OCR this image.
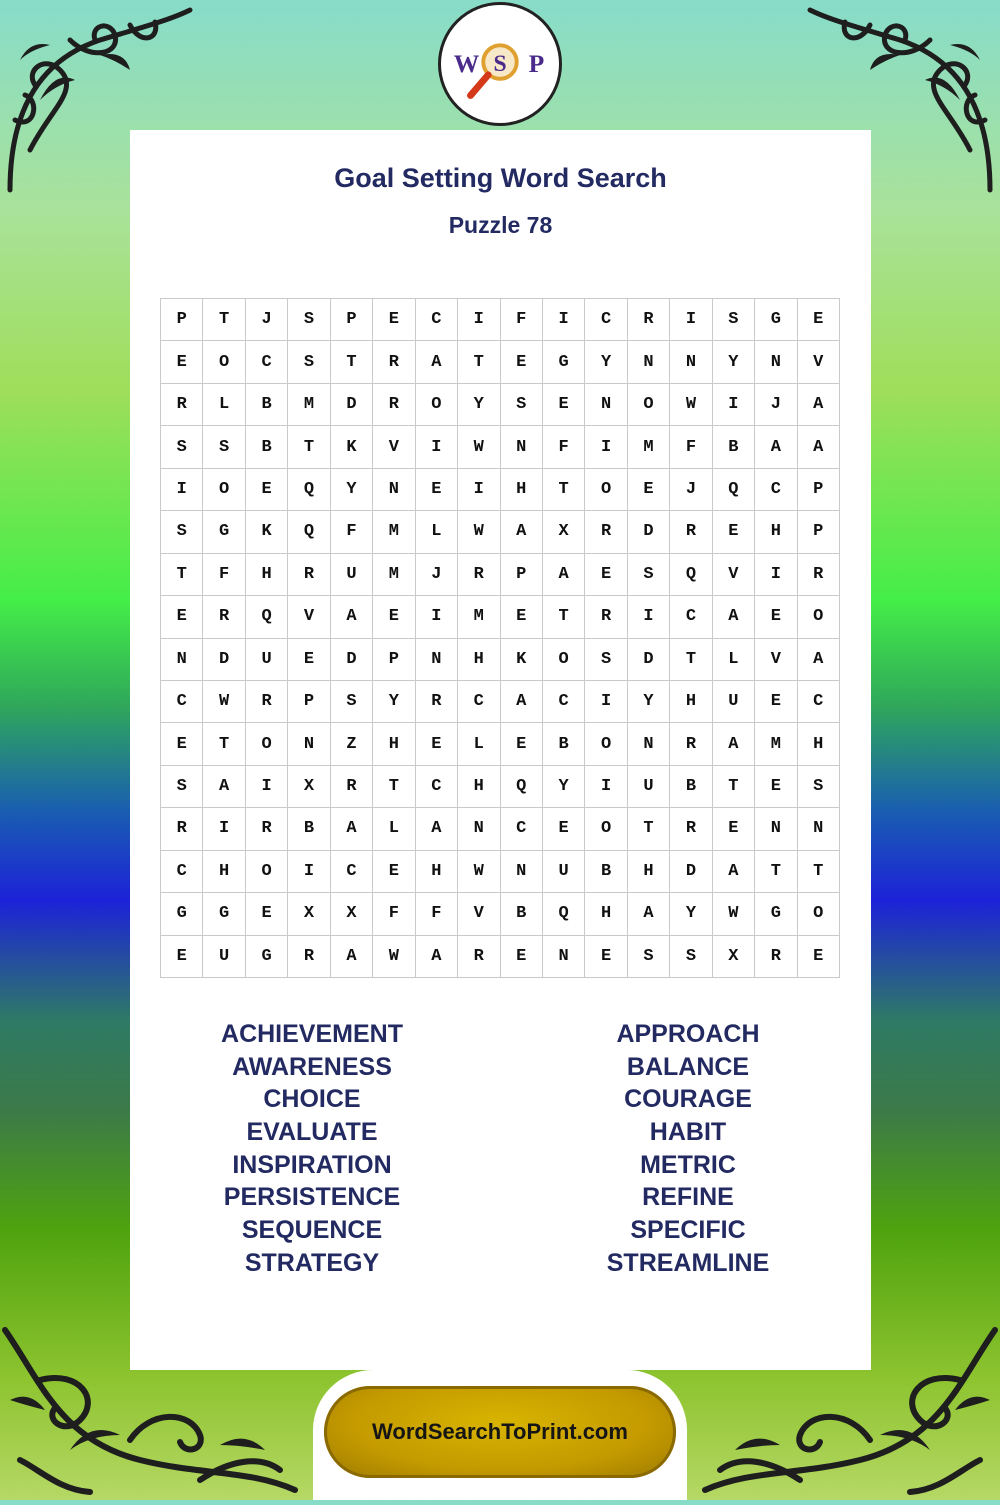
W S P
Goal Setting Word Search
Puzzle 78
P	T	J	S	P	E	C	I	F	I	C	R	I	S	G	E
E	O	C	S	T	R	A	T	E	G	Y	N	N	Y	N	V
R	L	B	M	D	R	O	Y	S	E	N	O	W	I	J	A
S	S	B	T	K	V	I	W	N	F	I	M	F	B	A	A
I	O	E	Q	Y	N	E	I	H	T	O	E	J	Q	C	P
S	G	K	Q	F	M	L	W	A	X	R	D	R	E	H	P
T	F	H	R	U	M	J	R	P	A	E	S	Q	V	I	R
E	R	Q	V	A	E	I	M	E	T	R	I	C	A	E	O
N	D	U	E	D	P	N	H	K	O	S	D	T	L	V	A
C	W	R	P	S	Y	R	C	A	C	I	Y	H	U	E	C
E	T	O	N	Z	H	E	L	E	B	O	N	R	A	M	H
S	A	I	X	R	T	C	H	Q	Y	I	U	B	T	E	S
R	I	R	B	A	L	A	N	C	E	O	T	R	E	N	N
C	H	O	I	C	E	H	W	N	U	B	H	D	A	T	T
G	G	E	X	X	F	F	V	B	Q	H	A	Y	W	G	O
E	U	G	R	A	W	A	R	E	N	E	S	S	X	R	E
ACHIEVEMENT
AWARENESS
CHOICE
EVALUATE
INSPIRATION
PERSISTENCE
SEQUENCE
STRATEGY
APPROACH
BALANCE
COURAGE
HABIT
METRIC
REFINE
SPECIFIC
STREAMLINE
WordSearchToPrint.com
